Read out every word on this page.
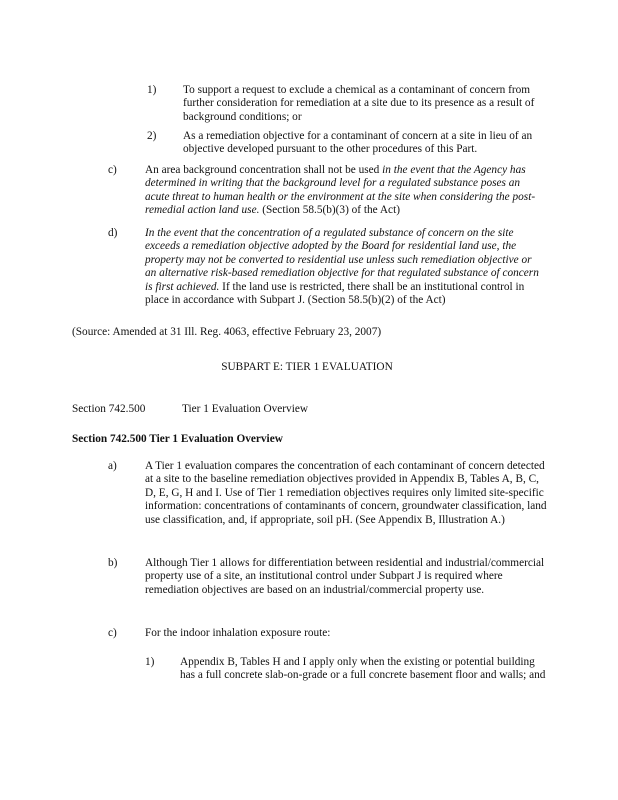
1) To support a request to exclude a chemical as a contaminant of concern from further consideration for remediation at a site due to its presence as a result of background conditions; or
2) As a remediation objective for a contaminant of concern at a site in lieu of an objective developed pursuant to the other procedures of this Part.
c) An area background concentration shall not be used in the event that the Agency has determined in writing that the background level for a regulated substance poses an acute threat to human health or the environment at the site when considering the post-remedial action land use. (Section 58.5(b)(3) of the Act)
d) In the event that the concentration of a regulated substance of concern on the site exceeds a remediation objective adopted by the Board for residential land use, the property may not be converted to residential use unless such remediation objective or an alternative risk-based remediation objective for that regulated substance of concern is first achieved. If the land use is restricted, there shall be an institutional control in place in accordance with Subpart J. (Section 58.5(b)(2) of the Act)
(Source: Amended at 31 Ill. Reg. 4063, effective February 23, 2007)
SUBPART E: TIER 1 EVALUATION
Section 742.500	Tier 1 Evaluation Overview
Section 742.500 Tier 1 Evaluation Overview
a) A Tier 1 evaluation compares the concentration of each contaminant of concern detected at a site to the baseline remediation objectives provided in Appendix B, Tables A, B, C, D, E, G, H and I. Use of Tier 1 remediation objectives requires only limited site-specific information: concentrations of contaminants of concern, groundwater classification, land use classification, and, if appropriate, soil pH. (See Appendix B, Illustration A.)
b) Although Tier 1 allows for differentiation between residential and industrial/commercial property use of a site, an institutional control under Subpart J is required where remediation objectives are based on an industrial/commercial property use.
c) For the indoor inhalation exposure route:
1) Appendix B, Tables H and I apply only when the existing or potential building has a full concrete slab-on-grade or a full concrete basement floor and walls; and
